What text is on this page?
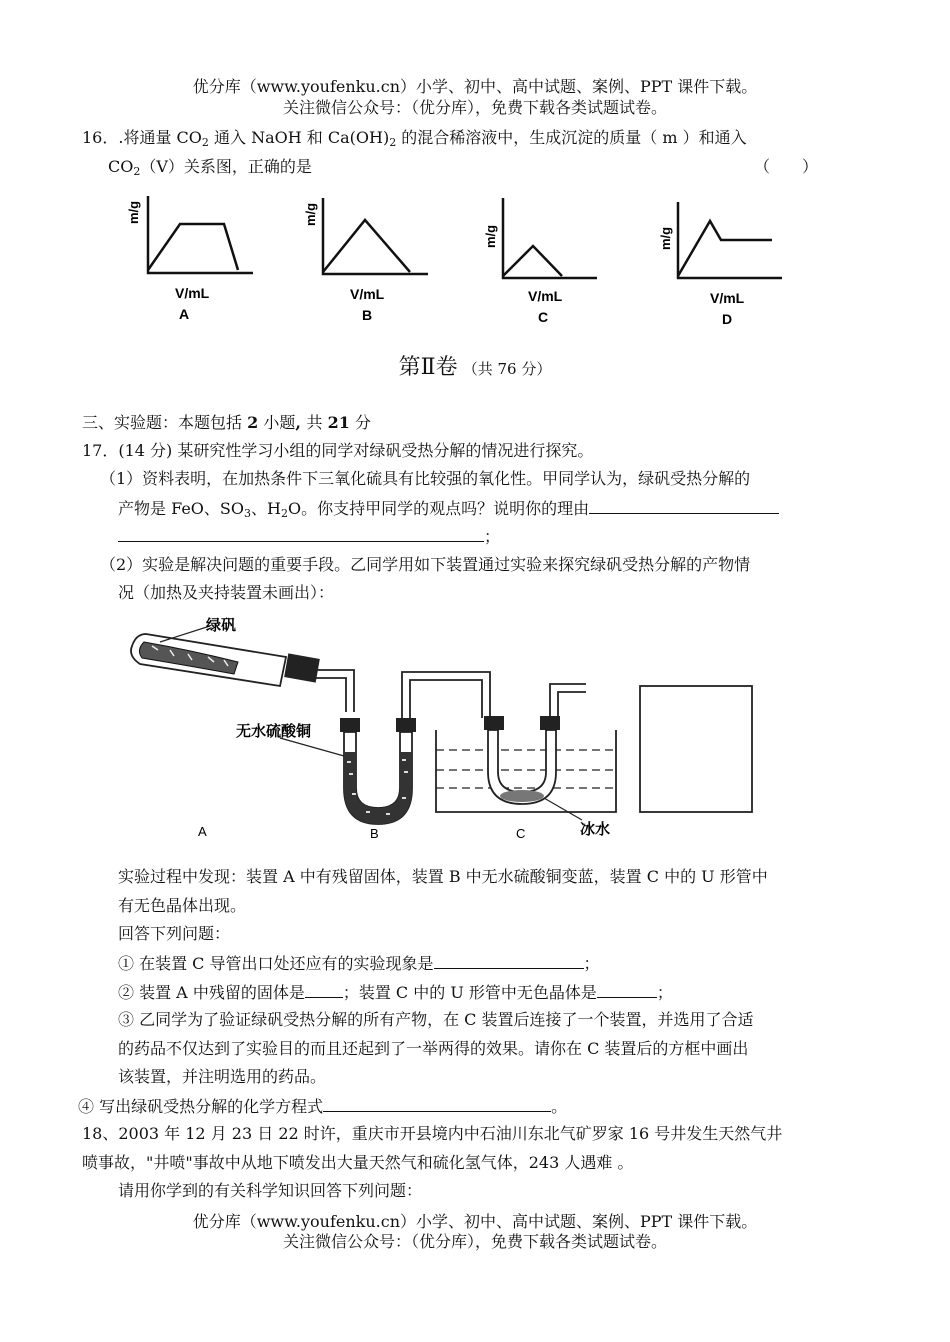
优分库（www.youfenku.cn）小学、初中、高中试题、案例、PPT 课件下载。
关注微信公众号：（优分库），免费下载各类试题试卷。
16．.将通量 $CO_2$ 通入 NaOH 和 $Ca(OH)_2$ 的混合稀溶液中，生成沉淀的质量（ m ）和通入
$CO_2(V)$关系图，正确的是	（　　）
m/g
V/mL
A
m/g
V/mL
B
m/g
V/mL
C
m/g
V/mL
D
第Ⅱ卷 （共 76 分）
三、实验题：本题包括 2 小题, 共 21 分
17．(14 分) 某研究性学习小组的同学对绿矾受热分解的情况进行探究。
（1）资料表明，在加热条件下三氧化硫具有比较强的氧化性。甲同学认为，绿矾受热分解的
产物是 FeO、$SO_3$、$H_2O$。你支持甲同学的观点吗？说明你的理由
；
（2）实验是解决问题的重要手段。乙同学用如下装置通过实验来探究绿矾受热分解的产物情
况（加热及夹持装置未画出）：
绿矾
无水硫酸铜
冰水
A	B	C
实验过程中发现：装置 A 中有残留固体，装置 B 中无水硫酸铜变蓝，装置 C 中的 U 形管中
有无色晶体出现。
回答下列问题：
① 在装置 C 导管出口处还应有的实验现象是	；
② 装置 A 中残留的固体是 ；装置 C 中的 U 形管中无色晶体是	；
③ 乙同学为了验证绿矾受热分解的所有产物，在 C 装置后连接了一个装置，并选用了合适
的药品不仅达到了实验目的而且还起到了一举两得的效果。请你在 C 装置后的方框中画出
该装置，并注明选用的药品。
④ 写出绿矾受热分解的化学方程式	。
18、2003 年 12 月 23 日 22 时许，重庆市开县境内中石油川东北气矿罗家 16 号井发生天然气井
喷事故，"井喷"事故中从地下喷发出大量天然气和硫化氢气体，243 人遇难 。
请用你学到的有关科学知识回答下列问题：
优分库（www.youfenku.cn）小学、初中、高中试题、案例、PPT 课件下载。
关注微信公众号：（优分库），免费下载各类试题试卷。
